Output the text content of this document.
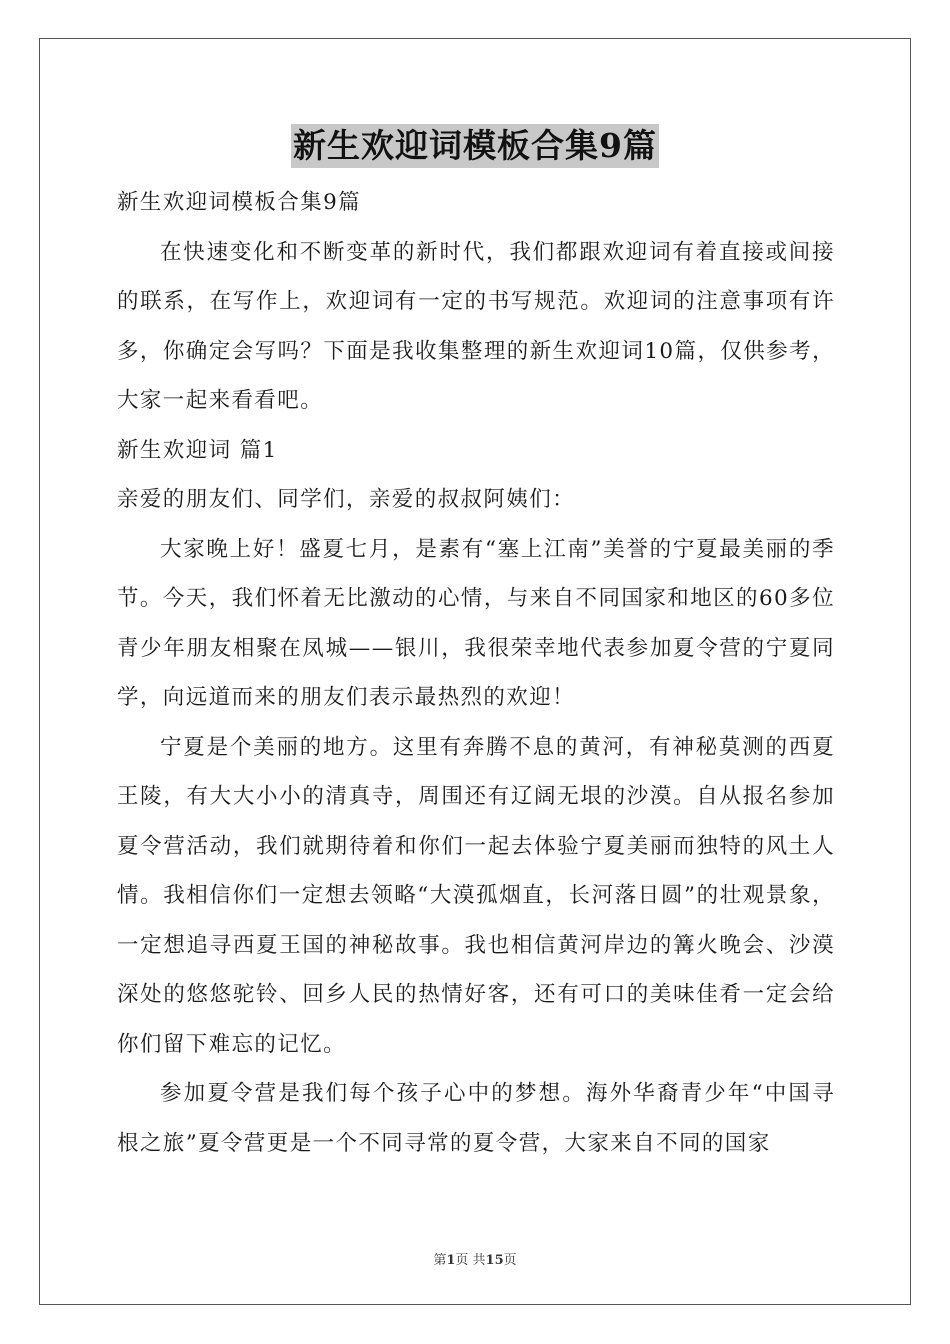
新生欢迎词模板合集9篇

新生欢迎词模板合集9篇

在快速变化和不断变革的新时代，我们都跟欢迎词有着直接或间接的联系，在写作上，欢迎词有一定的书写规范。欢迎词的注意事项有许多，你确定会写吗？下面是我收集整理的新生欢迎词10篇，仅供参考，大家一起来看看吧。

新生欢迎词 篇1

亲爱的朋友们、同学们，亲爱的叔叔阿姨们：

大家晚上好！盛夏七月，是素有“塞上江南”美誉的宁夏最美丽的季节。今天，我们怀着无比激动的心情，与来自不同国家和地区的60多位青少年朋友相聚在凤城——银川，我很荣幸地代表参加夏令营的宁夏同学，向远道而来的朋友们表示最热烈的欢迎！

宁夏是个美丽的地方。这里有奔腾不息的黄河，有神秘莫测的西夏王陵，有大大小小的清真寺，周围还有辽阔无垠的沙漠。自从报名参加夏令营活动，我们就期待着和你们一起去体验宁夏美丽而独特的风土人情。我相信你们一定想去领略“大漠孤烟直，长河落日圆”的壮观景象，一定想追寻西夏王国的神秘故事。我也相信黄河岸边的篝火晚会、沙漠深处的悠悠驼铃、回乡人民的热情好客，还有可口的美味佳肴一定会给你们留下难忘的记忆。

参加夏令营是我们每个孩子心中的梦想。海外华裔青少年“中国寻根之旅”夏令营更是一个不同寻常的夏令营，大家来自不同的国家

第1页 共15页
